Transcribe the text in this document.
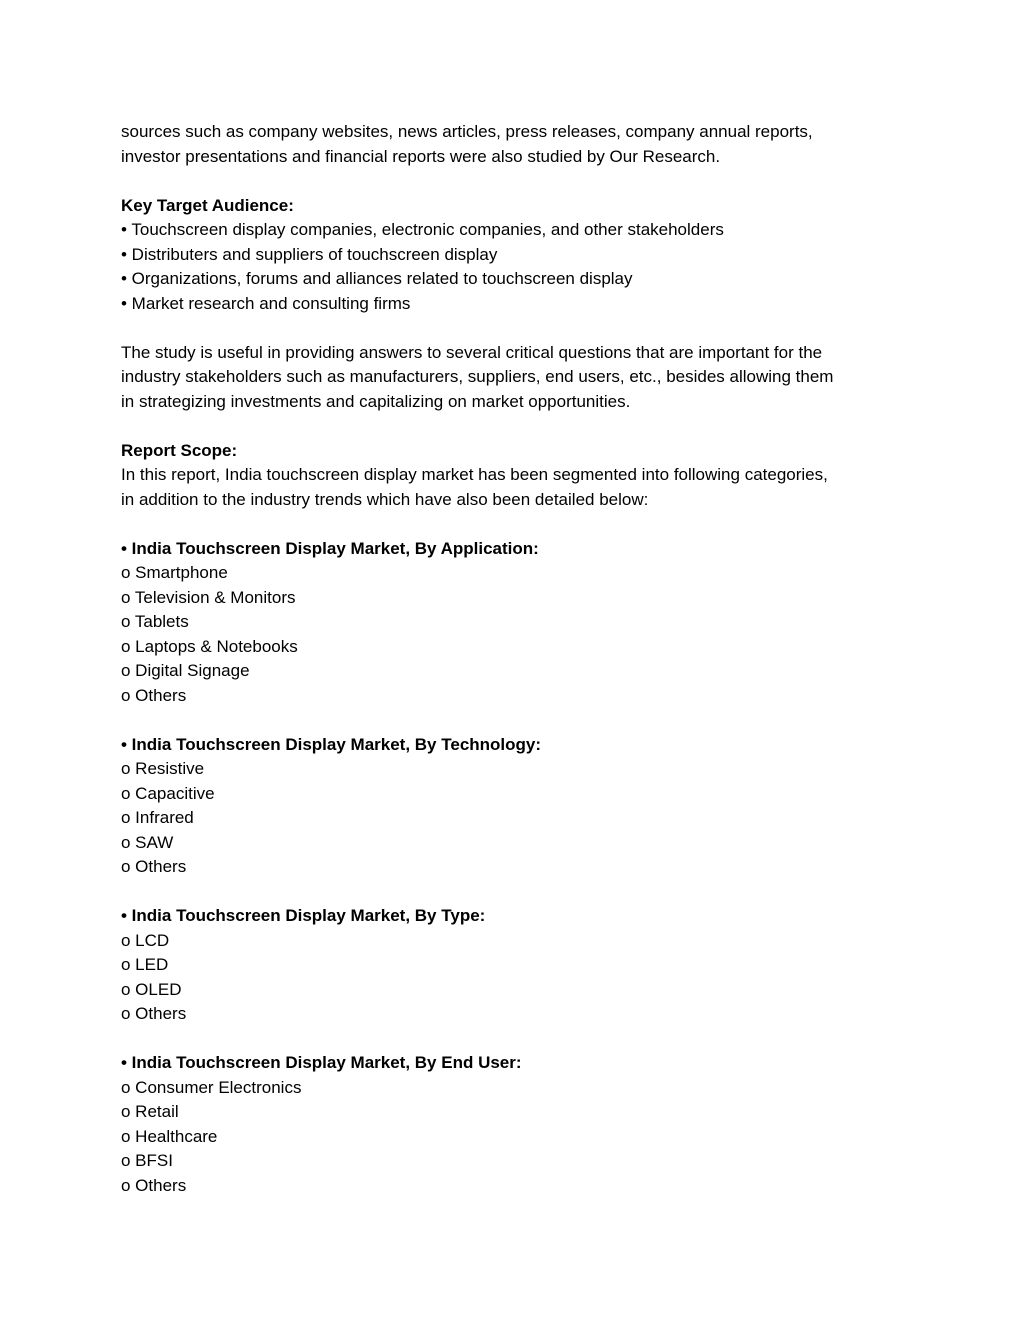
sources such as company websites, news articles, press releases, company annual reports,
investor presentations and financial reports were also studied by Our Research.
Key Target Audience:
• Touchscreen display companies, electronic companies, and other stakeholders
• Distributers and suppliers of touchscreen display
• Organizations, forums and alliances related to touchscreen display
• Market research and consulting firms
The study is useful in providing answers to several critical questions that are important for the
industry stakeholders such as manufacturers, suppliers, end users, etc., besides allowing them
in strategizing investments and capitalizing on market opportunities.
Report Scope:
In this report, India touchscreen display market has been segmented into following categories,
in addition to the industry trends which have also been detailed below:
• India Touchscreen Display Market, By Application:
o Smartphone
o Television & Monitors
o Tablets
o Laptops & Notebooks
o Digital Signage
o Others
• India Touchscreen Display Market, By Technology:
o Resistive
o Capacitive
o Infrared
o SAW
o Others
• India Touchscreen Display Market, By Type:
o LCD
o LED
o OLED
o Others
• India Touchscreen Display Market, By End User:
o Consumer Electronics
o Retail
o Healthcare
o BFSI
o Others
